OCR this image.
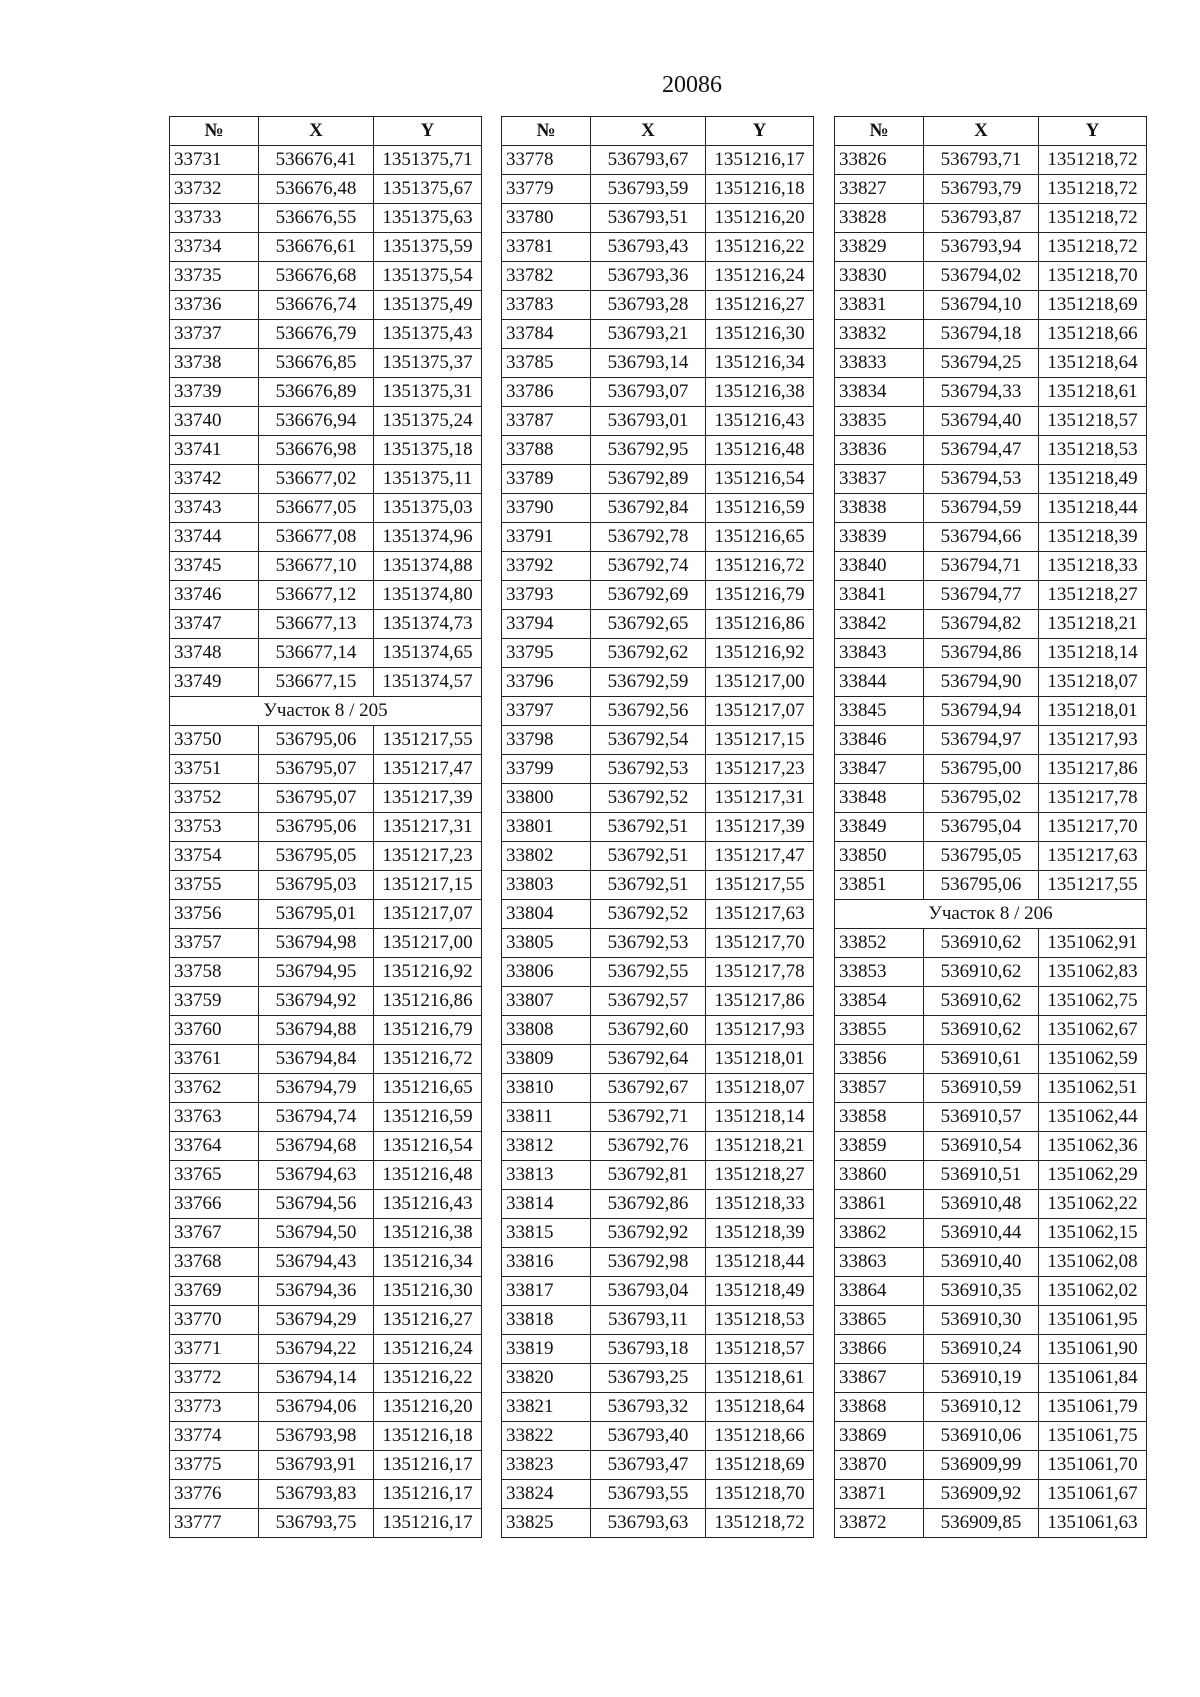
20086
№	X	Y
33731	536676,41	1351375,71
33732	536676,48	1351375,67
33733	536676,55	1351375,63
33734	536676,61	1351375,59
33735	536676,68	1351375,54
33736	536676,74	1351375,49
33737	536676,79	1351375,43
33738	536676,85	1351375,37
33739	536676,89	1351375,31
33740	536676,94	1351375,24
33741	536676,98	1351375,18
33742	536677,02	1351375,11
33743	536677,05	1351375,03
33744	536677,08	1351374,96
33745	536677,10	1351374,88
33746	536677,12	1351374,80
33747	536677,13	1351374,73
33748	536677,14	1351374,65
33749	536677,15	1351374,57
Участок 8 / 205		
33750	536795,06	1351217,55
33751	536795,07	1351217,47
33752	536795,07	1351217,39
33753	536795,06	1351217,31
33754	536795,05	1351217,23
33755	536795,03	1351217,15
33756	536795,01	1351217,07
33757	536794,98	1351217,00
33758	536794,95	1351216,92
33759	536794,92	1351216,86
33760	536794,88	1351216,79
33761	536794,84	1351216,72
33762	536794,79	1351216,65
33763	536794,74	1351216,59
33764	536794,68	1351216,54
33765	536794,63	1351216,48
33766	536794,56	1351216,43
33767	536794,50	1351216,38
33768	536794,43	1351216,34
33769	536794,36	1351216,30
33770	536794,29	1351216,27
33771	536794,22	1351216,24
33772	536794,14	1351216,22
33773	536794,06	1351216,20
33774	536793,98	1351216,18
33775	536793,91	1351216,17
33776	536793,83	1351216,17
33777	536793,75	1351216,17
№	X	Y
33778	536793,67	1351216,17
33779	536793,59	1351216,18
33780	536793,51	1351216,20
33781	536793,43	1351216,22
33782	536793,36	1351216,24
33783	536793,28	1351216,27
33784	536793,21	1351216,30
33785	536793,14	1351216,34
33786	536793,07	1351216,38
33787	536793,01	1351216,43
33788	536792,95	1351216,48
33789	536792,89	1351216,54
33790	536792,84	1351216,59
33791	536792,78	1351216,65
33792	536792,74	1351216,72
33793	536792,69	1351216,79
33794	536792,65	1351216,86
33795	536792,62	1351216,92
33796	536792,59	1351217,00
33797	536792,56	1351217,07
33798	536792,54	1351217,15
33799	536792,53	1351217,23
33800	536792,52	1351217,31
33801	536792,51	1351217,39
33802	536792,51	1351217,47
33803	536792,51	1351217,55
33804	536792,52	1351217,63
33805	536792,53	1351217,70
33806	536792,55	1351217,78
33807	536792,57	1351217,86
33808	536792,60	1351217,93
33809	536792,64	1351218,01
33810	536792,67	1351218,07
33811	536792,71	1351218,14
33812	536792,76	1351218,21
33813	536792,81	1351218,27
33814	536792,86	1351218,33
33815	536792,92	1351218,39
33816	536792,98	1351218,44
33817	536793,04	1351218,49
33818	536793,11	1351218,53
33819	536793,18	1351218,57
33820	536793,25	1351218,61
33821	536793,32	1351218,64
33822	536793,40	1351218,66
33823	536793,47	1351218,69
33824	536793,55	1351218,70
33825	536793,63	1351218,72
№	X	Y
33826	536793,71	1351218,72
33827	536793,79	1351218,72
33828	536793,87	1351218,72
33829	536793,94	1351218,72
33830	536794,02	1351218,70
33831	536794,10	1351218,69
33832	536794,18	1351218,66
33833	536794,25	1351218,64
33834	536794,33	1351218,61
33835	536794,40	1351218,57
33836	536794,47	1351218,53
33837	536794,53	1351218,49
33838	536794,59	1351218,44
33839	536794,66	1351218,39
33840	536794,71	1351218,33
33841	536794,77	1351218,27
33842	536794,82	1351218,21
33843	536794,86	1351218,14
33844	536794,90	1351218,07
33845	536794,94	1351218,01
33846	536794,97	1351217,93
33847	536795,00	1351217,86
33848	536795,02	1351217,78
33849	536795,04	1351217,70
33850	536795,05	1351217,63
33851	536795,06	1351217,55
Участок 8 / 206		
33852	536910,62	1351062,91
33853	536910,62	1351062,83
33854	536910,62	1351062,75
33855	536910,62	1351062,67
33856	536910,61	1351062,59
33857	536910,59	1351062,51
33858	536910,57	1351062,44
33859	536910,54	1351062,36
33860	536910,51	1351062,29
33861	536910,48	1351062,22
33862	536910,44	1351062,15
33863	536910,40	1351062,08
33864	536910,35	1351062,02
33865	536910,30	1351061,95
33866	536910,24	1351061,90
33867	536910,19	1351061,84
33868	536910,12	1351061,79
33869	536910,06	1351061,75
33870	536909,99	1351061,70
33871	536909,92	1351061,67
33872	536909,85	1351061,63
